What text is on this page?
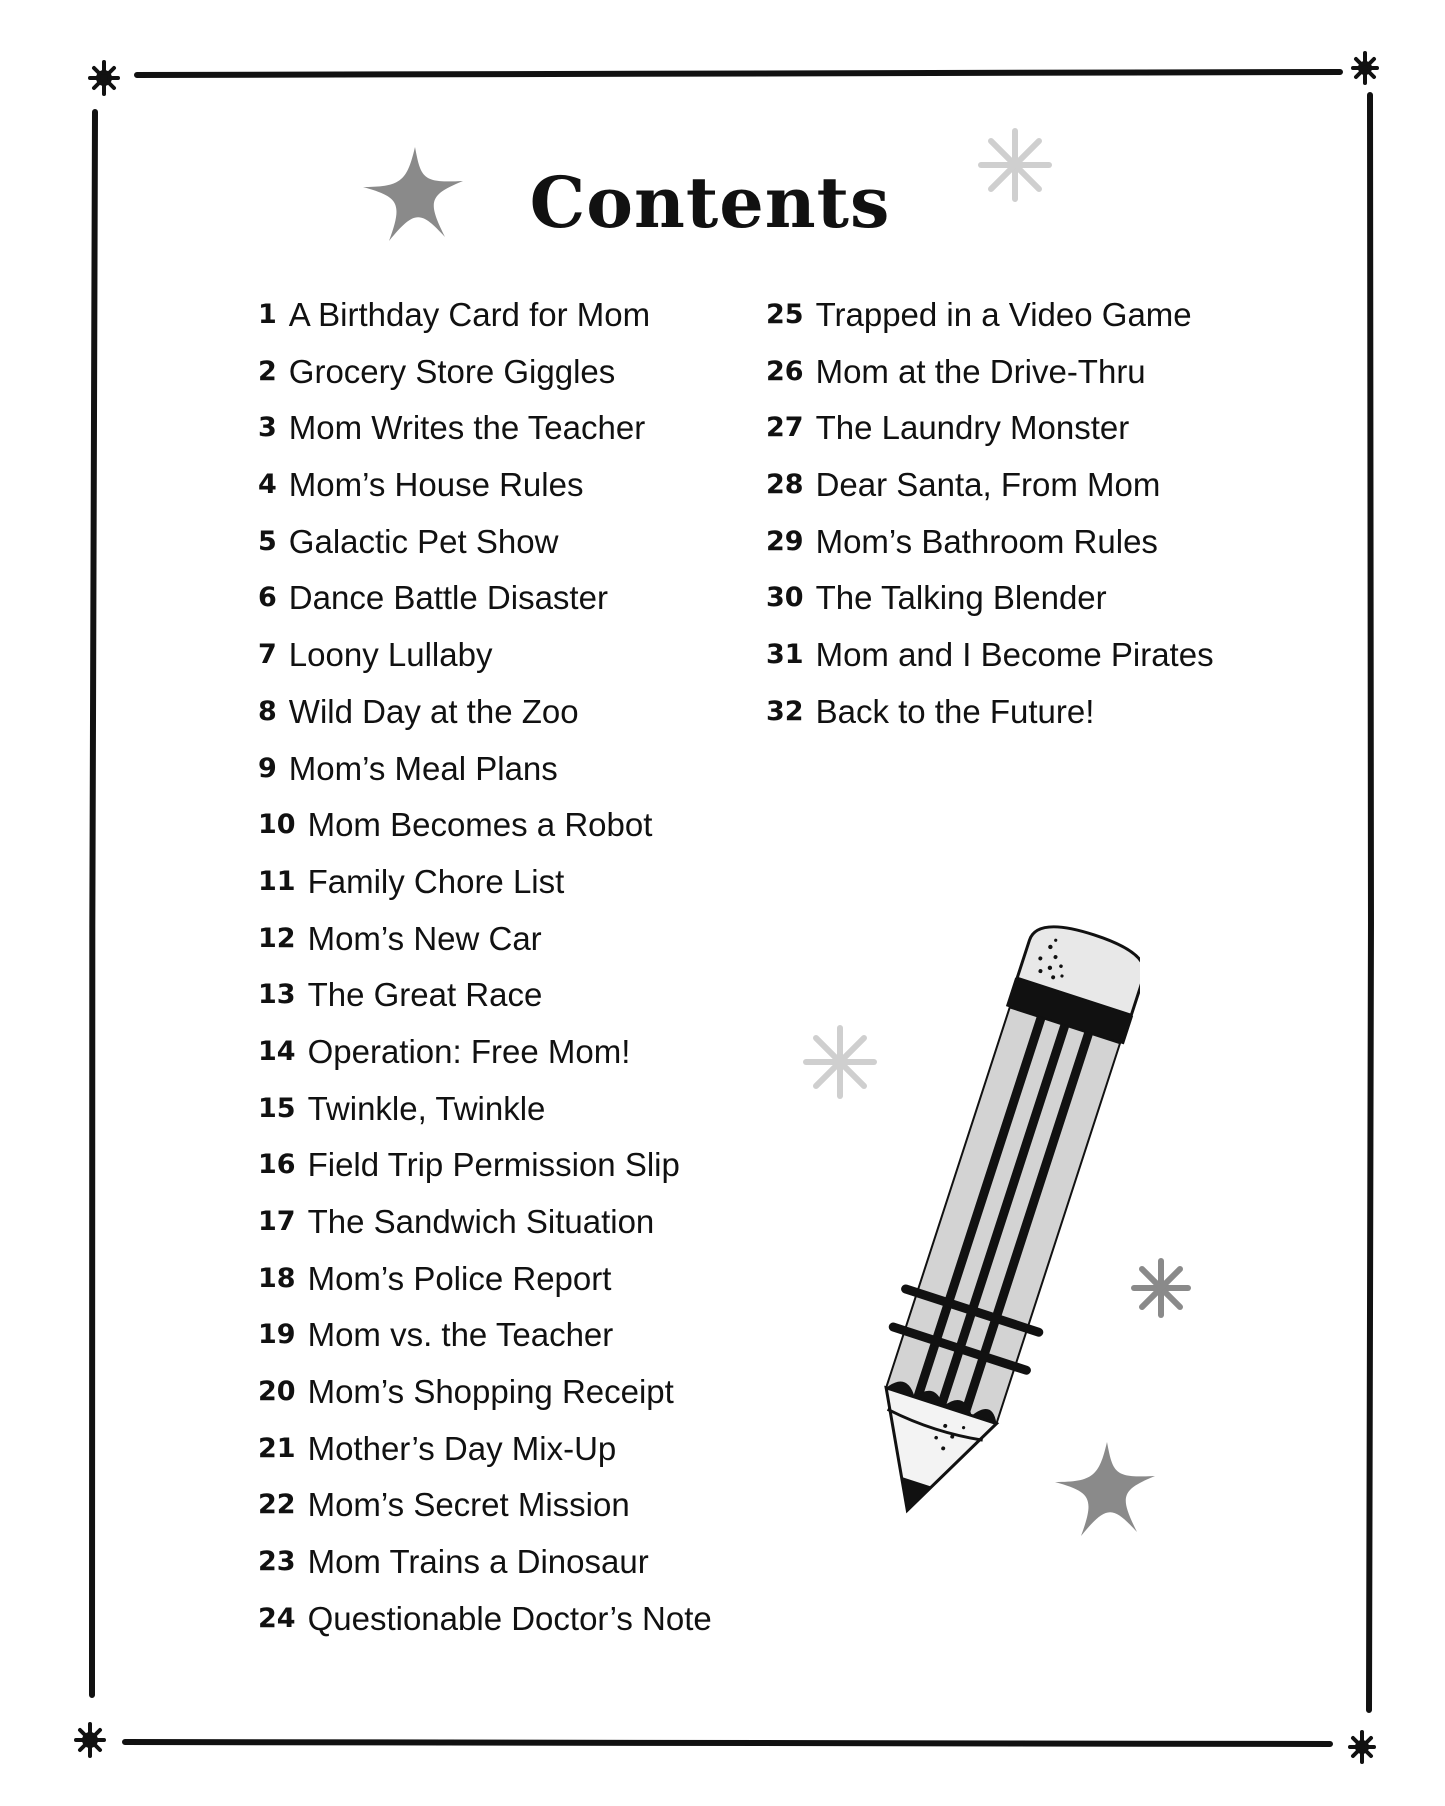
Contents
1 A Birthday Card for Mom
2 Grocery Store Giggles
3 Mom Writes the Teacher
4 Mom’s House Rules
5 Galactic Pet Show
6 Dance Battle Disaster
7 Loony Lullaby
8 Wild Day at the Zoo
9 Mom’s Meal Plans
10 Mom Becomes a Robot
11 Family Chore List
12 Mom’s New Car
13 The Great Race
14 Operation: Free Mom!
15 Twinkle, Twinkle
16 Field Trip Permission Slip
17 The Sandwich Situation
18 Mom’s Police Report
19 Mom vs. the Teacher
20 Mom’s Shopping Receipt
21 Mother’s Day Mix-Up
22 Mom’s Secret Mission
23 Mom Trains a Dinosaur
24 Questionable Doctor’s Note
25 Trapped in a Video Game
26 Mom at the Drive-Thru
27 The Laundry Monster
28 Dear Santa, From Mom
29 Mom’s Bathroom Rules
30 The Talking Blender
31 Mom and I Become Pirates
32 Back to the Future!
